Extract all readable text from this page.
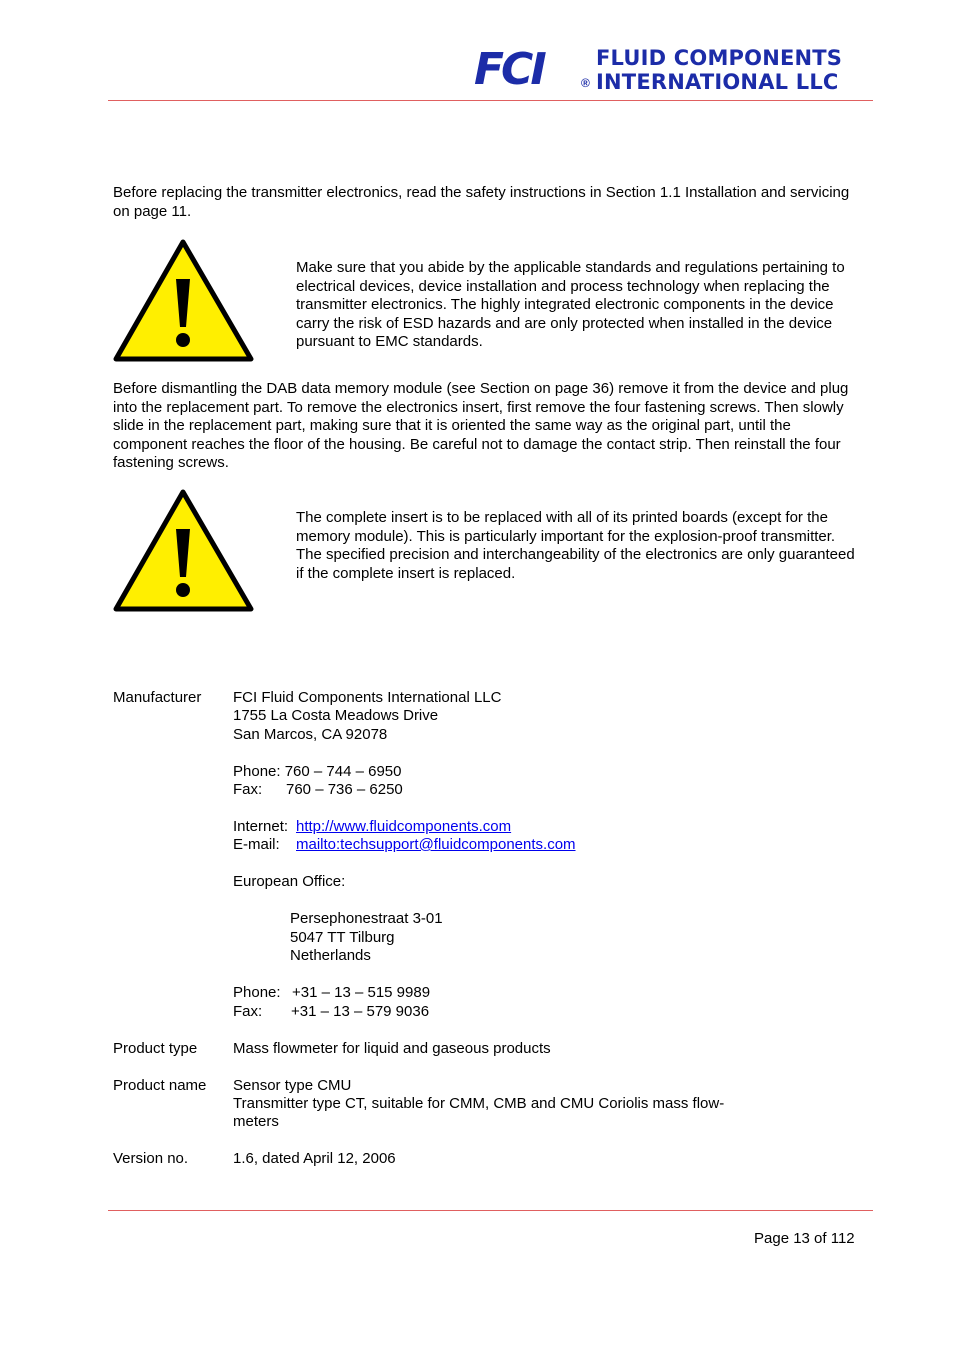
FCI	®
FLUID COMPONENTS
INTERNATIONAL LLC
Before replacing the transmitter electronics, read the safety instructions in Section 1.1 Installation and servicing on page 11.
Make sure that you abide by the applicable standards and regulations pertaining to electrical devices, device installation and process technology when replacing the transmitter electronics. The highly integrated electronic components in the device carry the risk of ESD hazards and are only protected when installed in the device pursuant to EMC standards.
Before dismantling the DAB data memory module (see Section on page 36) remove it from the device and plug into the replacement part. To remove the electronics insert, first remove the four fastening screws. Then slowly slide in the replacement part, making sure that it is oriented the same way as the original part, until the component reaches the floor of the housing. Be careful not to damage the contact strip. Then reinstall the four fastening screws.
The complete insert is to be replaced with all of its printed boards (except for the memory module). This is particularly important for the explosion-proof transmitter. The specified precision and interchangeability of the electronics are only guaranteed if the complete insert is replaced.
Manufacturer FCI Fluid Components International LLC
1755 La Costa Meadows Drive
San Marcos, CA 92078
Phone: 760 – 744 – 6950
Fax: 760 – 736 – 6250
Internet: http://www.fluidcomponents.com
E-mail: mailto:techsupport@fluidcomponents.com
European Office:
Persephonestraat 3-01
5047 TT Tilburg
Netherlands
Phone: +31 – 13 – 515 9989
Fax: +31 – 13 – 579 9036
Product type Mass flowmeter for liquid and gaseous products
Product name Sensor type CMU
Transmitter type CT, suitable for CMM, CMB and CMU Coriolis mass flow-
meters
Version no.	1.6, dated April 12, 2006
Page 13 of 112
